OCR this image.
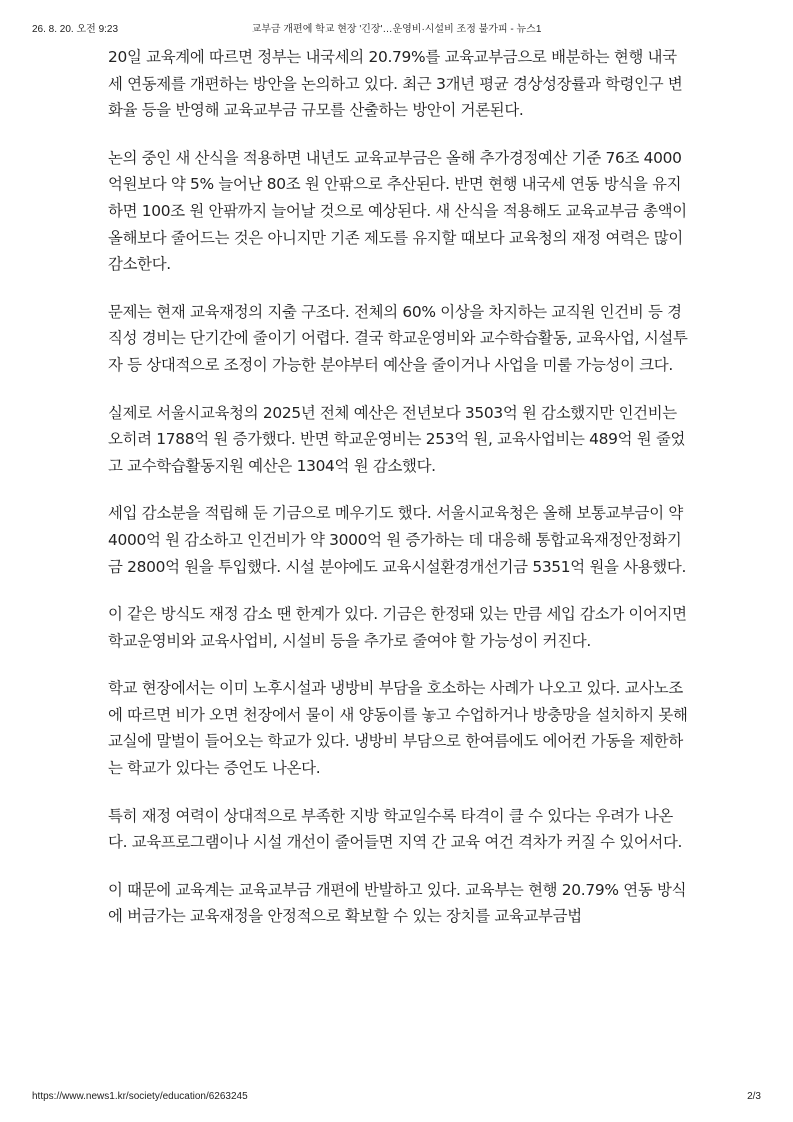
26. 8. 20. 오전 9:23	교부금 개편에 학교 현장 '긴장'…운영비·시설비 조정 불가피 - 뉴스1

20일 교육계에 따르면 정부는 내국세의 20.79%를 교육교부금으로 배분하는 현행 내국세 연동제를 개편하는 방안을 논의하고 있다. 최근 3개년 평균 경상성장률과 학령인구 변화율 등을 반영해 교육교부금 규모를 산출하는 방안이 거론된다.

논의 중인 새 산식을 적용하면 내년도 교육교부금은 올해 추가경정예산 기준 76조 4000억원보다 약 5% 늘어난 80조 원 안팎으로 추산된다. 반면 현행 내국세 연동 방식을 유지하면 100조 원 안팎까지 늘어날 것으로 예상된다. 새 산식을 적용해도 교육교부금 총액이 올해보다 줄어드는 것은 아니지만 기존 제도를 유지할 때보다 교육청의 재정 여력은 많이 감소한다.

문제는 현재 교육재정의 지출 구조다. 전체의 60% 이상을 차지하는 교직원 인건비 등 경직성 경비는 단기간에 줄이기 어렵다. 결국 학교운영비와 교수학습활동, 교육사업, 시설투자 등 상대적으로 조정이 가능한 분야부터 예산을 줄이거나 사업을 미룰 가능성이 크다.

실제로 서울시교육청의 2025년 전체 예산은 전년보다 3503억 원 감소했지만 인건비는 오히려 1788억 원 증가했다. 반면 학교운영비는 253억 원, 교육사업비는 489억 원 줄었고 교수학습활동지원 예산은 1304억 원 감소했다.

세입 감소분을 적립해 둔 기금으로 메우기도 했다. 서울시교육청은 올해 보통교부금이 약 4000억 원 감소하고 인건비가 약 3000억 원 증가하는 데 대응해 통합교육재정안정화기금 2800억 원을 투입했다. 시설 분야에도 교육시설환경개선기금 5351억 원을 사용했다.

이 같은 방식도 재정 감소 땐 한계가 있다. 기금은 한정돼 있는 만큼 세입 감소가 이어지면 학교운영비와 교육사업비, 시설비 등을 추가로 줄여야 할 가능성이 커진다.

학교 현장에서는 이미 노후시설과 냉방비 부담을 호소하는 사례가 나오고 있다. 교사노조에 따르면 비가 오면 천장에서 물이 새 양동이를 놓고 수업하거나 방충망을 설치하지 못해 교실에 말벌이 들어오는 학교가 있다. 냉방비 부담으로 한여름에도 에어컨 가동을 제한하는 학교가 있다는 증언도 나온다.

특히 재정 여력이 상대적으로 부족한 지방 학교일수록 타격이 클 수 있다는 우려가 나온다. 교육프로그램이나 시설 개선이 줄어들면 지역 간 교육 여건 격차가 커질 수 있어서다.

이 때문에 교육계는 교육교부금 개편에 반발하고 있다. 교육부는 현행 20.79% 연동 방식에 버금가는 교육재정을 안정적으로 확보할 수 있는 장치를 교육교부금법

https://www.news1.kr/society/education/6263245	2/3
